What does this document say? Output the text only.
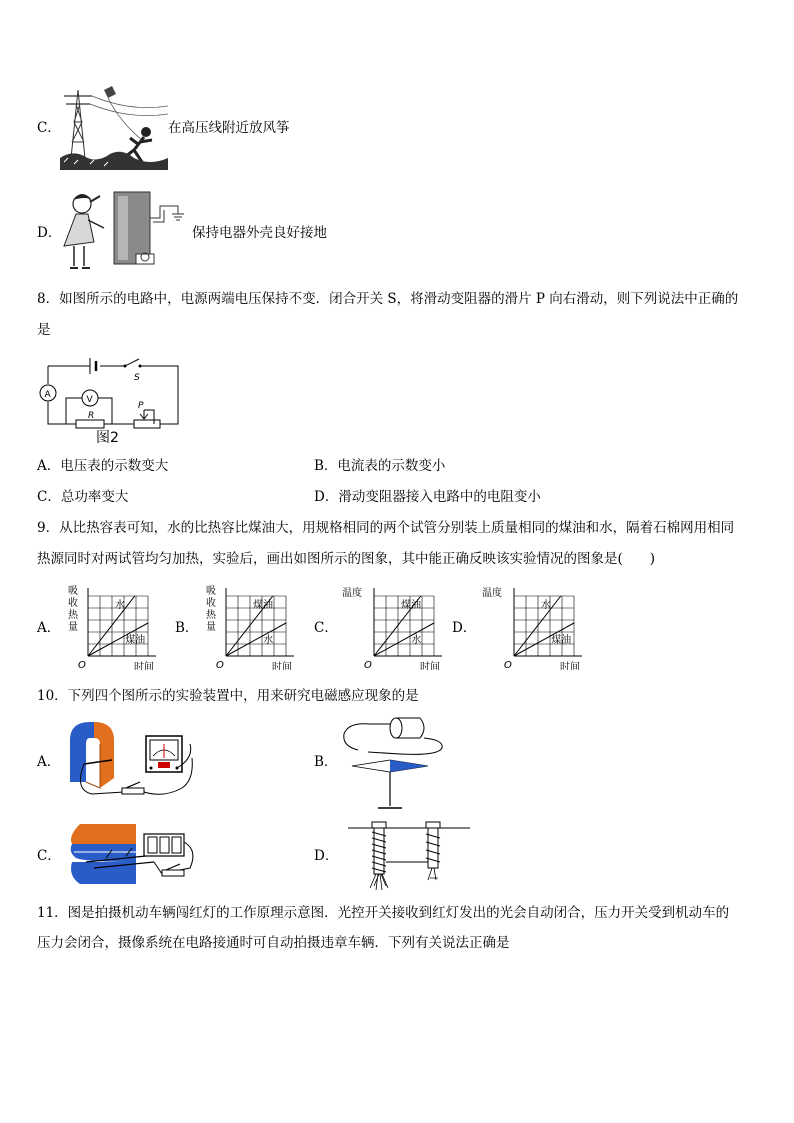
C．	在高压线附近放风筝
D．	保持电器外壳良好接地
8．如图所示的电路中，电源两端电压保持不变．闭合开关 S，将滑动变阻器的滑片 P 向右滑动，则下列说法中正确的
是
S
A	V
R
P
图2
A．电压表的示数变大	B．电流表的示数变小
C．总功率变大	D．滑动变阻器接入电路中的电阻变小
9．从比热容表可知，水的比热容比煤油大，用规格相同的两个试管分别装上质量相同的煤油和水，隔着石棉网用相同
热源同时对两试管均匀加热，实验后，画出如图所示的图象，其中能正确反映该实验情况的图象是(　　)
A．
吸
收
热
量
水
煤油
O	时间
B．
吸
收
热
量
煤油
水
O	时间
C．
温度
煤油
水
O	时间
D．
温度
水
煤油
O	时间
10．下列四个图所示的实验装置中，用来研究电磁感应现象的是
A．	B．
C．	D．
11．图是拍摄机动车辆闯红灯的工作原理示意图．光控开关接收到红灯发出的光会自动闭合，压力开关受到机动车的
压力会闭合，摄像系统在电路接通时可自动拍摄违章车辆．下列有关说法正确是
